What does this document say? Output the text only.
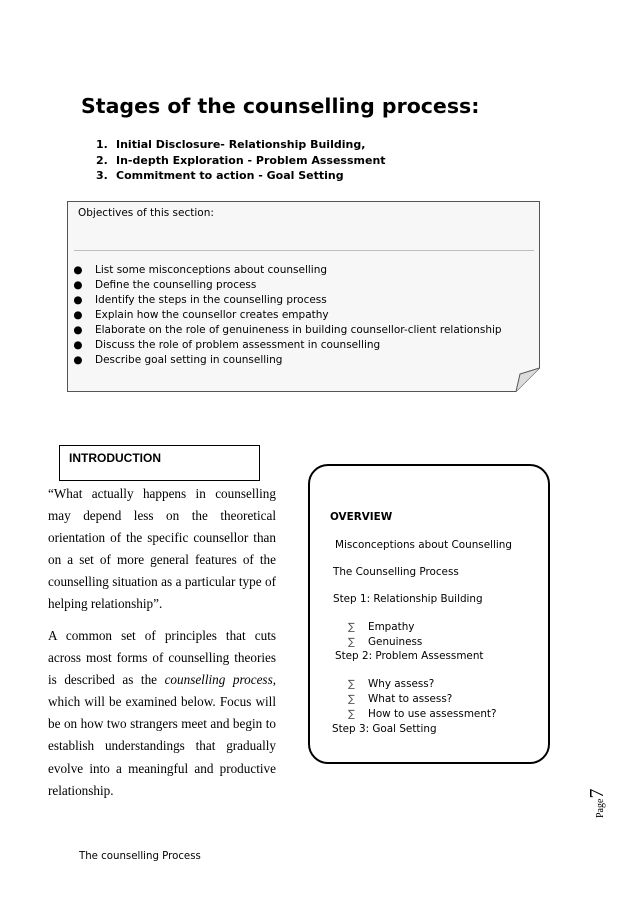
Stages of the counselling process:
1. Initial Disclosure- Relationship Building,
2. In-depth Exploration - Problem Assessment
3. Commitment to action - Goal Setting
Objectives of this section:
● List some misconceptions about counselling
● Define the counselling process
● Identify the steps in the counselling process
● Explain how the counsellor creates empathy
● Elaborate on the role of genuineness in building counsellor-client relationship
● Discuss the role of problem assessment in counselling
● Describe goal setting in counselling
INTRODUCTION
“What actually happens in counselling may depend less on the theoretical orientation of the specific counsellor than on a set of more general features of the counselling situation as a particular type of helping relationship”.
A common set of principles that cuts across most forms of counselling theories is described as the counselling process, which will be examined below. Focus will be on how two strangers meet and begin to establish understandings that gradually evolve into a meaningful and productive relationship.
OVERVIEW
Misconceptions about Counselling
The Counselling Process
Step 1: Relationship Building
∑ Empathy
∑ Genuiness
Step 2: Problem Assessment
∑ Why assess?
∑ What to assess?
∑ How to use assessment?
Step 3: Goal Setting
Page7
The counselling Process
